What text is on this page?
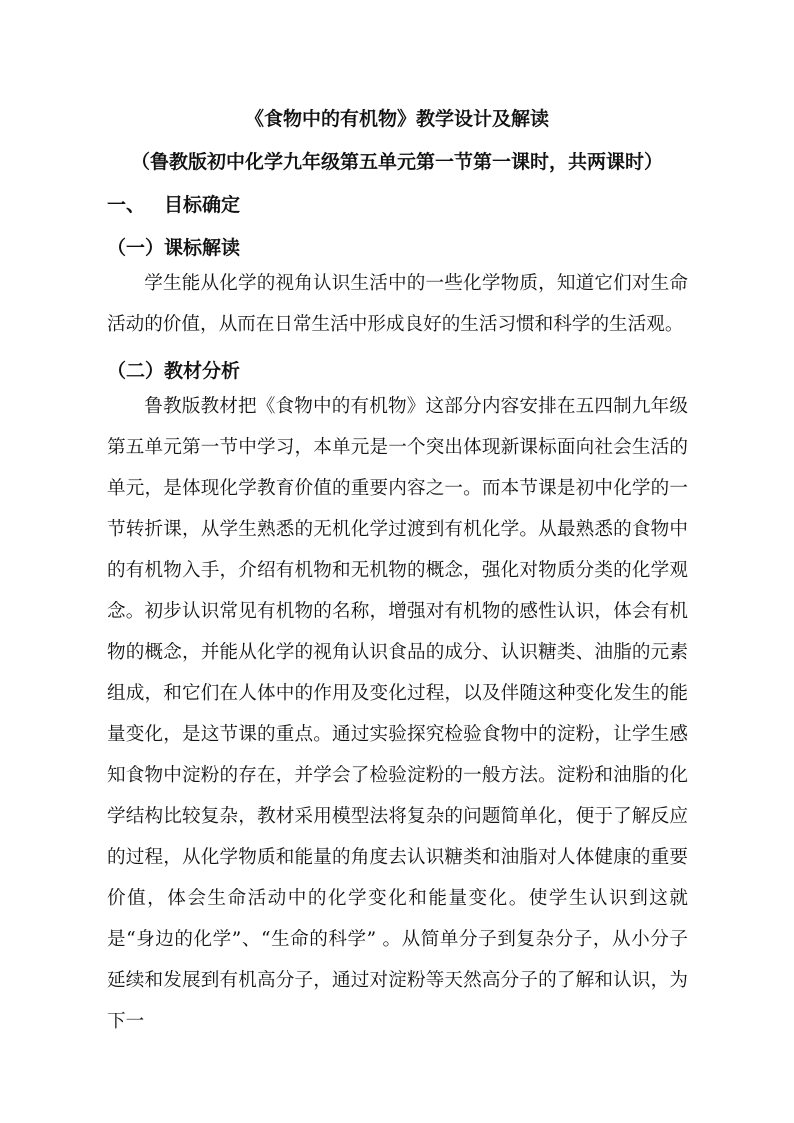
《食物中的有机物》教学设计及解读
（鲁教版初中化学九年级第五单元第一节第一课时，共两课时）
一、 目标确定
（一）课标解读
学生能从化学的视角认识生活中的一些化学物质，知道它们对生命活动的价值，从而在日常生活中形成良好的生活习惯和科学的生活观。
（二）教材分析
鲁教版教材把《食物中的有机物》这部分内容安排在五四制九年级第五单元第一节中学习，本单元是一个突出体现新课标面向社会生活的单元，是体现化学教育价值的重要内容之一。而本节课是初中化学的一节转折课，从学生熟悉的无机化学过渡到有机化学。从最熟悉的食物中的有机物入手，介绍有机物和无机物的概念，强化对物质分类的化学观念。初步认识常见有机物的名称，增强对有机物的感性认识，体会有机物的概念，并能从化学的视角认识食品的成分、认识糖类、油脂的元素组成，和它们在人体中的作用及变化过程，以及伴随这种变化发生的能量变化，是这节课的重点。通过实验探究检验食物中的淀粉，让学生感知食物中淀粉的存在，并学会了检验淀粉的一般方法。淀粉和油脂的化学结构比较复杂，教材采用模型法将复杂的问题简单化，便于了解反应的过程，从化学物质和能量的角度去认识糖类和油脂对人体健康的重要价值，体会生命活动中的化学变化和能量变化。使学生认识到这就是“身边的化学”、“生命的科学” 。从简单分子到复杂分子，从小分子延续和发展到有机高分子，通过对淀粉等天然高分子的了解和认识，为下一
